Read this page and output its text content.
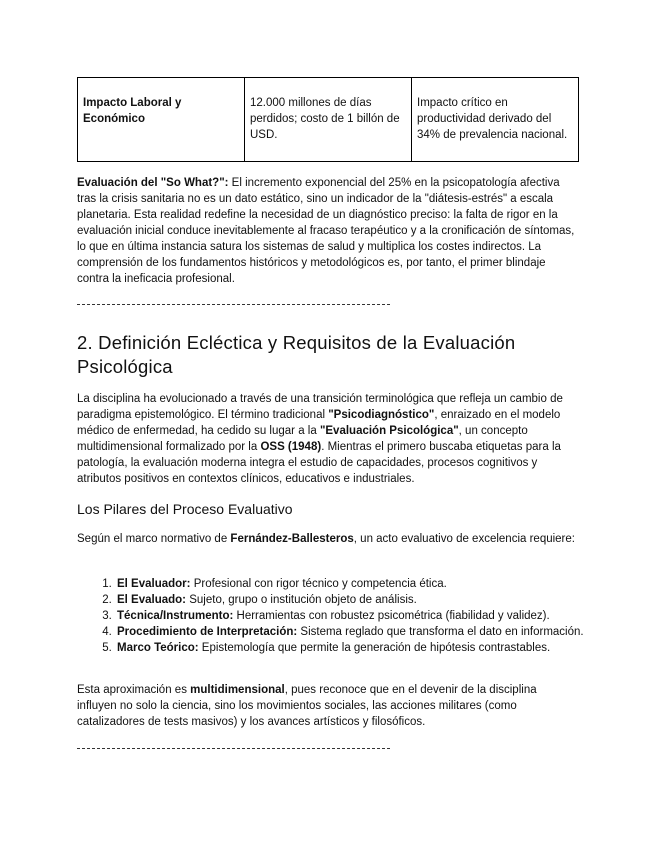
Impacto Laboral y Económico	12.000 millones de días perdidos; costo de 1 billón de USD.	Impacto crítico en productividad derivado del 34% de prevalencia nacional.

Evaluación del "So What?": El incremento exponencial del 25% en la psicopatología afectiva tras la crisis sanitaria no es un dato estático, sino un indicador de la "diátesis-estrés" a escala planetaria. Esta realidad redefine la necesidad de un diagnóstico preciso: la falta de rigor en la evaluación inicial conduce inevitablemente al fracaso terapéutico y a la cronificación de síntomas, lo que en última instancia satura los sistemas de salud y multiplica los costes indirectos. La comprensión de los fundamentos históricos y metodológicos es, por tanto, el primer blindaje contra la ineficacia profesional.

2. Definición Ecléctica y Requisitos de la Evaluación Psicológica

La disciplina ha evolucionado a través de una transición terminológica que refleja un cambio de paradigma epistemológico. El término tradicional "Psicodiagnóstico", enraizado en el modelo médico de enfermedad, ha cedido su lugar a la "Evaluación Psicológica", un concepto multidimensional formalizado por la OSS (1948). Mientras el primero buscaba etiquetas para la patología, la evaluación moderna integra el estudio de capacidades, procesos cognitivos y atributos positivos en contextos clínicos, educativos e industriales.

Los Pilares del Proceso Evaluativo

Según el marco normativo de Fernández-Ballesteros, un acto evaluativo de excelencia requiere:

1. El Evaluador: Profesional con rigor técnico y competencia ética.
2. El Evaluado: Sujeto, grupo o institución objeto de análisis.
3. Técnica/Instrumento: Herramientas con robustez psicométrica (fiabilidad y validez).
4. Procedimiento de Interpretación: Sistema reglado que transforma el dato en información.
5. Marco Teórico: Epistemología que permite la generación de hipótesis contrastables.

Esta aproximación es multidimensional, pues reconoce que en el devenir de la disciplina influyen no solo la ciencia, sino los movimientos sociales, las acciones militares (como catalizadores de tests masivos) y los avances artísticos y filosóficos.
